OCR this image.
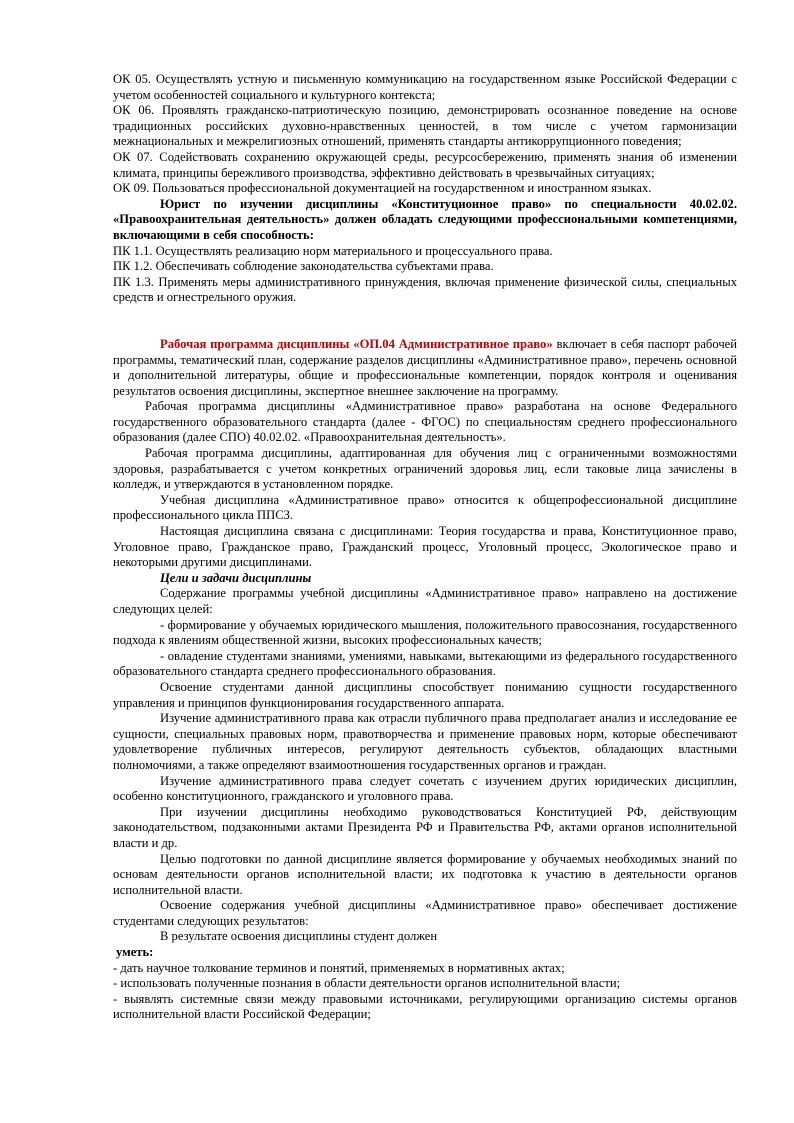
ОК 05. Осуществлять устную и письменную коммуникацию на государственном языке Российской Федерации с учетом особенностей социального и культурного контекста;

ОК 06. Проявлять гражданско-патриотическую позицию, демонстрировать осознанное поведение на основе традиционных российских духовно-нравственных ценностей, в том числе с учетом гармонизации межнациональных и межрелигиозных отношений, применять стандарты антикоррупционного поведения;

ОК 07. Содействовать сохранению окружающей среды, ресурсосбережению, применять знания об изменении климата, принципы бережливого производства, эффективно действовать в чрезвычайных ситуациях;

ОК 09. Пользоваться профессиональной документацией на государственном и иностранном языках.

Юрист по изучении дисциплины «Конституционное право» по специальности 40.02.02. «Правоохранительная деятельность» должен обладать следующими профессиональными компетенциями, включающими в себя способность:

ПК 1.1. Осуществлять реализацию норм материального и процессуального права.

ПК 1.2. Обеспечивать соблюдение законодательства субъектами права.

ПК 1.3. Применять меры административного принуждения, включая применение физической силы, специальных средств и огнестрельного оружия.

Рабочая программа дисциплины «ОП.04 Административное право» включает в себя паспорт рабочей программы, тематический план, содержание разделов дисциплины «Административное право», перечень основной и дополнительной литературы, общие и профессиональные компетенции, порядок контроля и оценивания результатов освоения дисциплины, экспертное внешнее заключение на программу.

Рабочая программа дисциплины «Административное право» разработана на основе Федерального государственного образовательного стандарта (далее - ФГОС) по специальностям среднего профессионального образования (далее СПО) 40.02.02. «Правоохранительная деятельность».

Рабочая программа дисциплины, адаптированная для обучения лиц с ограниченными возможностями здоровья, разрабатывается с учетом конкретных ограничений здоровья лиц, если таковые лица зачислены в колледж, и утверждаются в установленном порядке.

Учебная дисциплина «Административное право» относится к общепрофессиональной дисциплине профессионального цикла ППСЗ.

Настоящая дисциплина связана с дисциплинами: Теория государства и права, Конституционное право, Уголовное право, Гражданское право, Гражданский процесс, Уголовный процесс, Экологическое право и некоторыми другими дисциплинами.

Цели и задачи дисциплины

Содержание программы учебной дисциплины «Административное право» направлено на достижение следующих целей:

- формирование у обучаемых юридического мышления, положительного правосознания, государственного подхода к явлениям общественной жизни, высоких профессиональных качеств;

- овладение студентами знаниями, умениями, навыками, вытекающими из федерального государственного образовательного стандарта среднего профессионального образования.

Освоение студентами данной дисциплины способствует пониманию сущности государственного управления и принципов функционирования государственного аппарата.

Изучение административного права как отрасли публичного права предполагает анализ и исследование ее сущности, специальных правовых норм, правотворчества и применение правовых норм, которые обеспечивают удовлетворение публичных интересов, регулируют деятельность субъектов, обладающих властными полномочиями, а также определяют взаимоотношения государственных органов и граждан.

Изучение административного права следует сочетать с изучением других юридических дисциплин, особенно конституционного, гражданского и уголовного права.

При изучении дисциплины необходимо руководствоваться Конституцией РФ, действующим законодательством, подзаконными актами Президента РФ и Правительства РФ, актами органов исполнительной власти и др.

Целью подготовки по данной дисциплине является формирование у обучаемых необходимых знаний по основам деятельности органов исполнительной власти; их подготовка к участию в деятельности органов исполнительной власти.

Освоение содержания учебной дисциплины «Административное право» обеспечивает достижение студентами следующих результатов:

В результате освоения дисциплины студент должен

уметь:

- дать научное толкование терминов и понятий, применяемых в нормативных актах;

- использовать полученные познания в области деятельности органов исполнительной власти;

- выявлять системные связи между правовыми источниками, регулирующими организацию системы органов исполнительной власти Российской Федерации;
